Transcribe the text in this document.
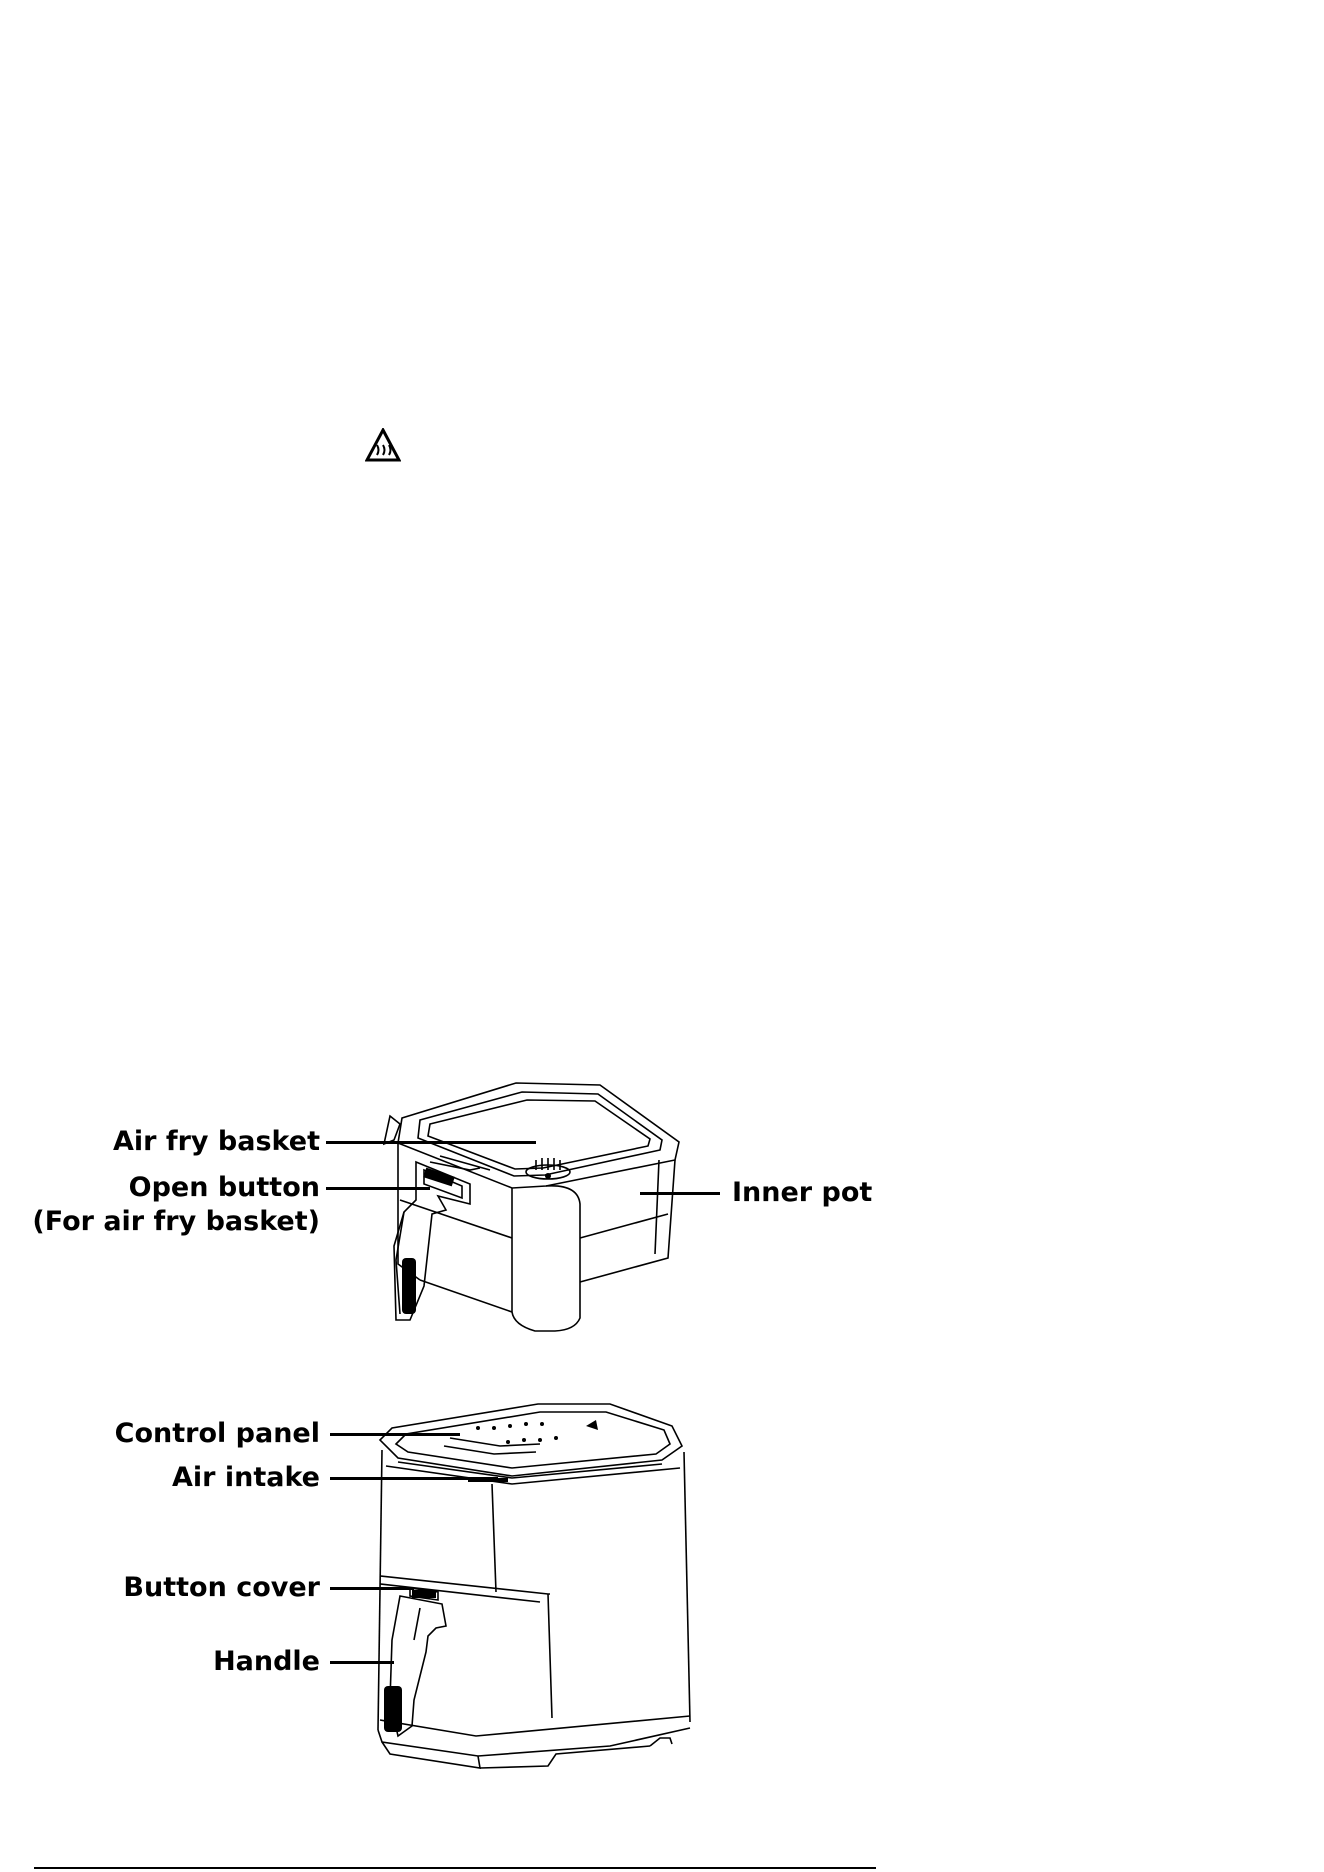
Air fry basket
Open button
(For air fry basket)
Inner pot
Control panel
Air intake
Button cover
Handle
